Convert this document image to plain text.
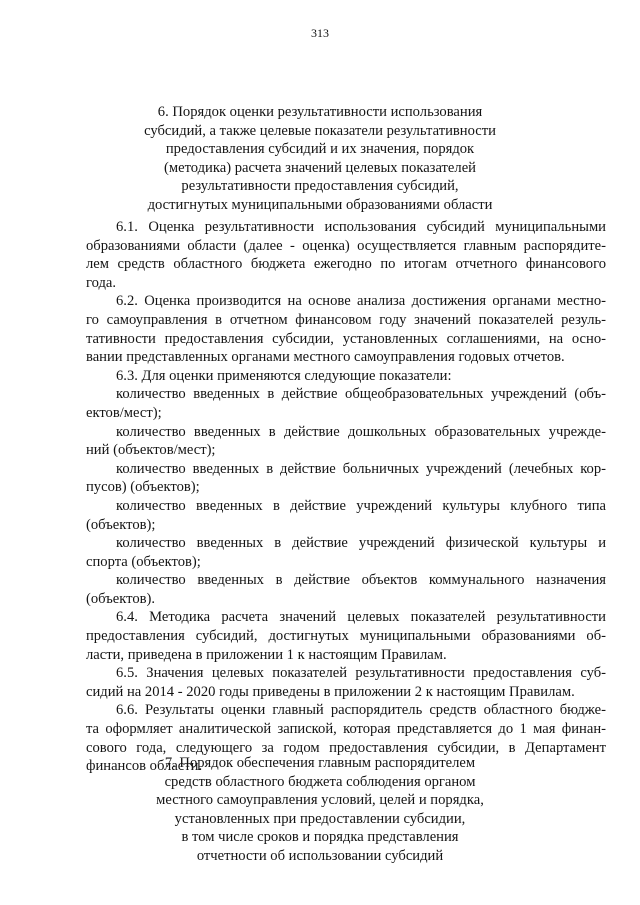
313
6. Порядок оценки результативности использования
субсидий, а также целевые показатели результативности
предоставления субсидий и их значения, порядок
(методика) расчета значений целевых показателей
результативности предоставления субсидий,
достигнутых муниципальными образованиями области
6.1. Оценка результативности использования субсидий муниципальными
образованиями области (далее - оценка) осуществляется главным распорядите-
лем средств областного бюджета ежегодно по итогам отчетного финансового
года.
6.2. Оценка производится на основе анализа достижения органами местно-
го самоуправления в отчетном финансовом году значений показателей резуль-
тативности предоставления субсидии, установленных соглашениями, на осно-
вании представленных органами местного самоуправления годовых отчетов.
6.3. Для оценки применяются следующие показатели:
количество введенных в действие общеобразовательных учреждений (объ-
ектов/мест);
количество введенных в действие дошкольных образовательных учрежде-
ний (объектов/мест);
количество введенных в действие больничных учреждений (лечебных кор-
пусов) (объектов);
количество введенных в действие учреждений культуры клубного типа
(объектов);
количество введенных в действие учреждений физической культуры и
спорта (объектов);
количество введенных в действие объектов коммунального назначения
(объектов).
6.4. Методика расчета значений целевых показателей результативности
предоставления субсидий, достигнутых муниципальными образованиями об-
ласти, приведена в приложении 1 к настоящим Правилам.
6.5. Значения целевых показателей результативности предоставления суб-
сидий на 2014 - 2020 годы приведены в приложении 2 к настоящим Правилам.
6.6. Результаты оценки главный распорядитель средств областного бюдже-
та оформляет аналитической запиской, которая представляется до 1 мая финан-
сового года, следующего за годом предоставления субсидии, в Департамент
финансов области.
7. Порядок обеспечения главным распорядителем
средств областного бюджета соблюдения органом
местного самоуправления условий, целей и порядка,
установленных при предоставлении субсидии,
в том числе сроков и порядка представления
отчетности об использовании субсидий
